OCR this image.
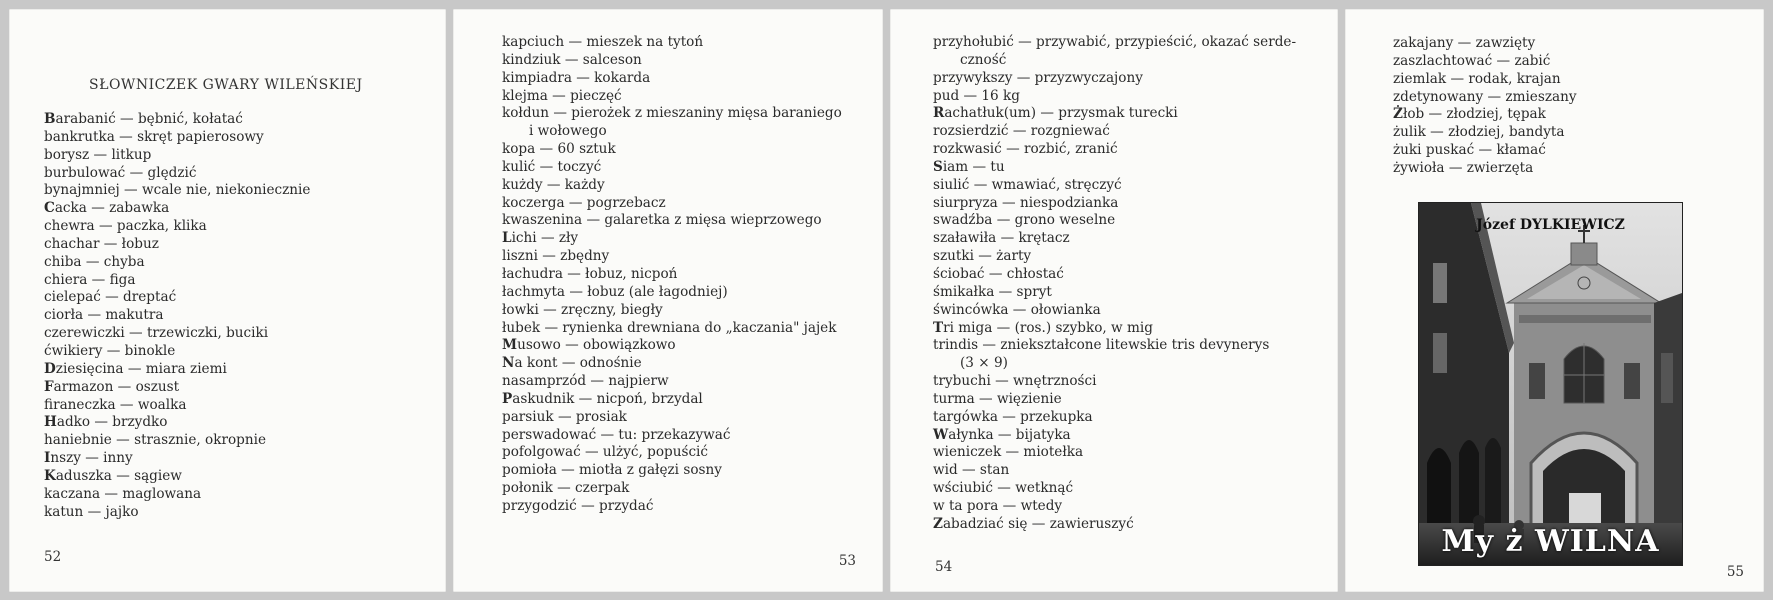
SŁOWNICZEK GWARY WILEŃSKIEJ
Barabanić — bębnić, kołatać
bankrutka — skręt papierosowy
borysz — litkup
burbulować — ględzić
bynajmniej — wcale nie, niekoniecznie
Cacka — zabawka
chewra — paczka, klika
chachar — łobuz
chiba — chyba
chiera — figa
cielepać — dreptać
ciorła — makutra
czerewiczki — trzewiczki, buciki
ćwikiery — binokle
Dziesięcina — miara ziemi
Farmazon — oszust
firaneczka — woalka
Hadko — brzydko
haniebnie — strasznie, okropnie
Inszy — inny
Kaduszka — sągiew
kaczana — maglowana
katun — jajko
52
kapciuch — mieszek na tytoń
kindziuk — salceson
kimpiadra — kokarda
klejma — pieczęć
kołdun — pierożek z mieszaniny mięsa baraniego
i wołowego
kopa — 60 sztuk
kulić — toczyć
kużdy — każdy
koczerga — pogrzebacz
kwaszenina — galaretka z mięsa wieprzowego
Lichi — zły
liszni — zbędny
łachudra — łobuz, nicpoń
łachmyta — łobuz (ale łagodniej)
łowki — zręczny, biegły
łubek — rynienka drewniana do „kaczania" jajek
Musowo — obowiązkowo
Na kont — odnośnie
nasamprzód — najpierw
Paskudnik — nicpoń, brzydal
parsiuk — prosiak
perswadować — tu: przekazywać
pofolgować — ulżyć, popuścić
pomioła — miotła z gałęzi sosny
połonik — czerpak
przygodzić — przydać
53
przyhołubić — przywabić, przypieścić, okazać serde-
czność
przywykszy — przyzwyczajony
pud — 16 kg
Rachatłuk(um) — przysmak turecki
rozsierdzić — rozgniewać
rozkwasić — rozbić, zranić
Siam — tu
siulić — wmawiać, stręczyć
siurpryza — niespodzianka
swadźba — grono weselne
szaławiła — krętacz
szutki — żarty
ściobać — chłostać
śmikałka — spryt
świncówka — ołowianka
Tri miga — (ros.) szybko, w mig
trindis — zniekształcone litewskie tris devynerys
(3 × 9)
trybuchi — wnętrzności
turma — więzienie
targówka — przekupka
Wałynka — bijatyka
wieniczek — miotełka
wid — stan
wściubić — wetknąć
w ta pora — wtedy
Zabadziać się — zawieruszyć
54
zakajany — zawzięty
zaszlachtować — zabić
ziemlak — rodak, krajan
zdetynowany — zmieszany
Żłob — złodziej, tępak
żulik — złodziej, bandyta
żuki puskać — kłamać
żywioła — zwierzęta
Józef DYLKIEWICZ
My ż WILNA
55
